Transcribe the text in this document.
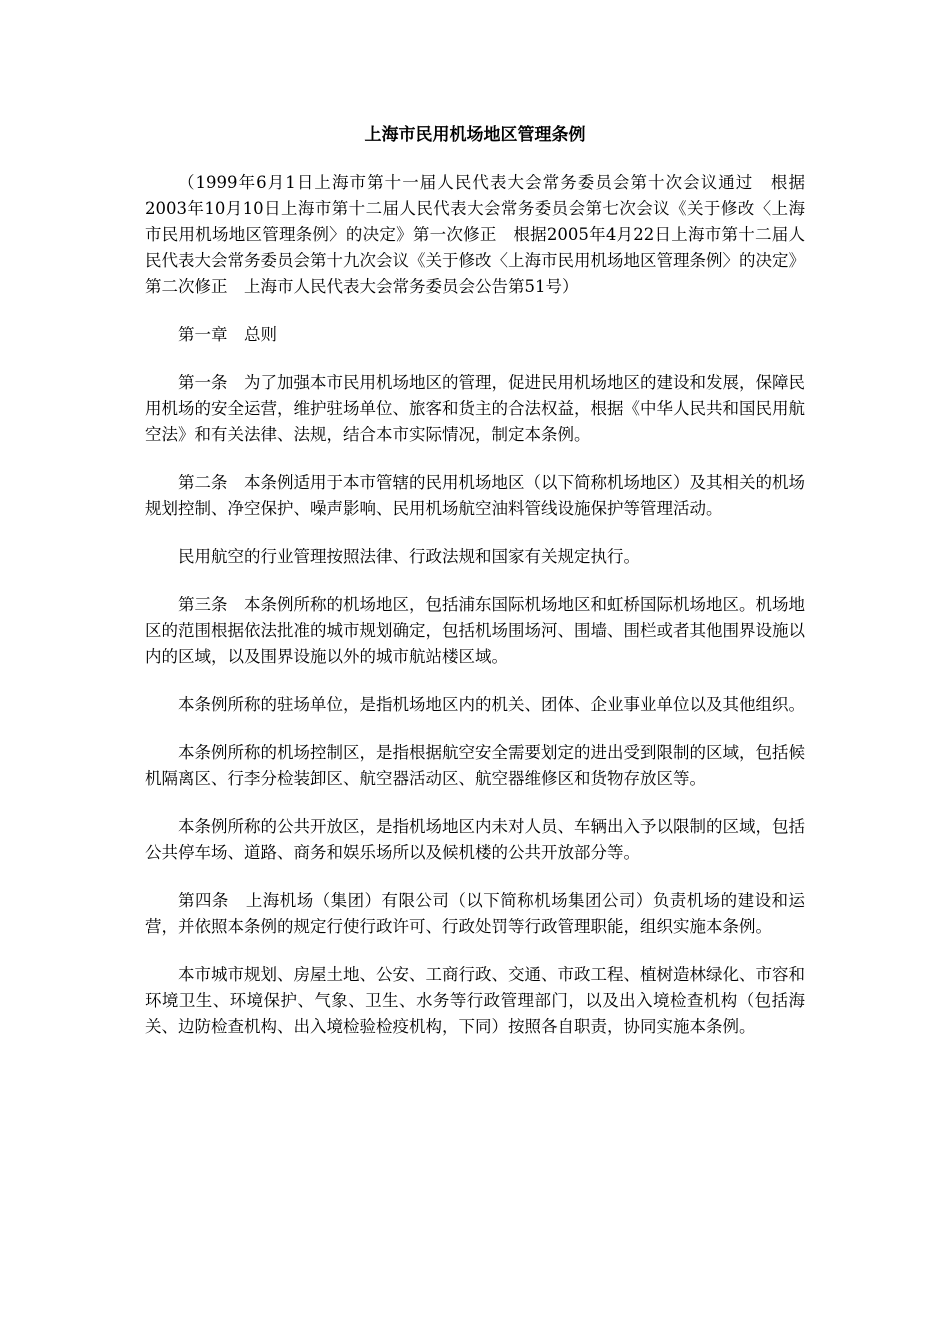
上海市民用机场地区管理条例

（1999年6月1日上海市第十一届人民代表大会常务委员会第十次会议通过　根据2003年10月10日上海市第十二届人民代表大会常务委员会第七次会议《关于修改〈上海市民用机场地区管理条例〉的决定》第一次修正　根据2005年4月22日上海市第十二届人民代表大会常务委员会第十九次会议《关于修改〈上海市民用机场地区管理条例〉的决定》第二次修正　上海市人民代表大会常务委员会公告第51号）

第一章　总则

第一条　为了加强本市民用机场地区的管理，促进民用机场地区的建设和发展，保障民用机场的安全运营，维护驻场单位、旅客和货主的合法权益，根据《中华人民共和国民用航空法》和有关法律、法规，结合本市实际情况，制定本条例。

第二条　本条例适用于本市管辖的民用机场地区（以下简称机场地区）及其相关的机场规划控制、净空保护、噪声影响、民用机场航空油料管线设施保护等管理活动。

民用航空的行业管理按照法律、行政法规和国家有关规定执行。

第三条　本条例所称的机场地区，包括浦东国际机场地区和虹桥国际机场地区。机场地区的范围根据依法批准的城市规划确定，包括机场围场河、围墙、围栏或者其他围界设施以内的区域，以及围界设施以外的城市航站楼区域。

本条例所称的驻场单位，是指机场地区内的机关、团体、企业事业单位以及其他组织。

本条例所称的机场控制区，是指根据航空安全需要划定的进出受到限制的区域，包括候机隔离区、行李分检装卸区、航空器活动区、航空器维修区和货物存放区等。

本条例所称的公共开放区，是指机场地区内未对人员、车辆出入予以限制的区域，包括公共停车场、道路、商务和娱乐场所以及候机楼的公共开放部分等。

第四条　上海机场（集团）有限公司（以下简称机场集团公司）负责机场的建设和运营，并依照本条例的规定行使行政许可、行政处罚等行政管理职能，组织实施本条例。

本市城市规划、房屋土地、公安、工商行政、交通、市政工程、植树造林绿化、市容和环境卫生、环境保护、气象、卫生、水务等行政管理部门，以及出入境检查机构（包括海关、边防检查机构、出入境检验检疫机构，下同）按照各自职责，协同实施本条例。
